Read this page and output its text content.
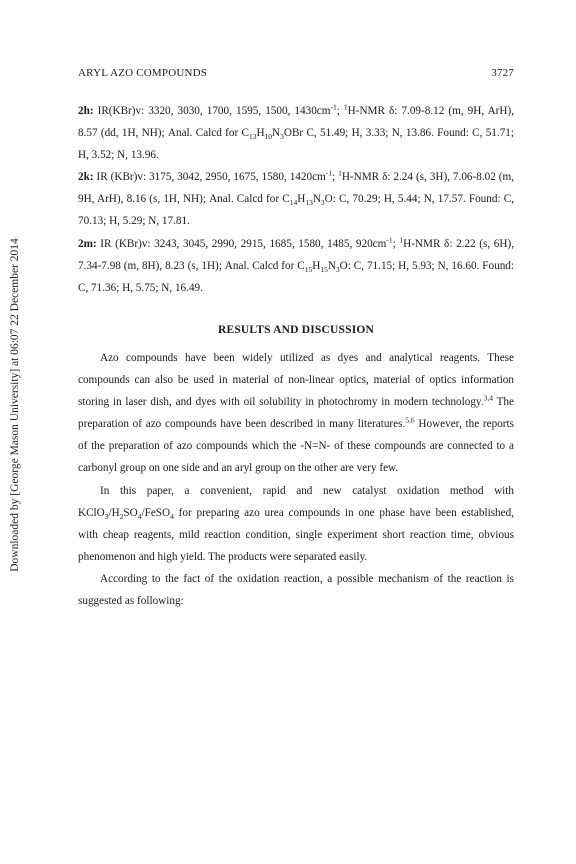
Downloaded by [George Mason University] at 06:07 22 December 2014
ARYL AZO COMPOUNDS	3727

2h: IR(KBr)v: 3320, 3030, 1700, 1595, 1500, $1430cm^{-1}$; $^1$H-NMR δ: 7.09-8.12 (m, 9H, ArH), 8.57 (dd, 1H, NH); Anal. Calcd for $C_{13}H_{10}N_3OBr$ C, 51.49; H, 3.33; N, 13.86. Found: C, 51.71; H, 3.52; N, 13.96.

2k: IR (KBr)v: 3175, 3042, 2950, 1675, 1580, $1420cm^{-1}$; $^1$H-NMR δ: 2.24 (s, 3H), 7.06-8.02 (m, 9H, ArH), 8.16 (s, 1H, NH); Anal. Calcd for $C_{14}H_{13}N_3O$: C, 70.29; H, 5.44; N, 17.57. Found: C, 70.13; H, 5.29; N, 17.81.

2m: IR (KBr)v: 3243, 3045, 2990, 2915, 1685, 1580, 1485, $920cm^{-1}$; $^1$H-NMR δ: 2.22 (s, 6H), 7.34-7.98 (m, 8H), 8.23 (s, 1H); Anal. Calcd for $C_{15}H_{15}N_3O$: C, 71.15; H, 5.93; N, 16.60. Found: C, 71.36; H, 5.75; N, 16.49.

RESULTS AND DISCUSSION

Azo compounds have been widely utilized as dyes and analytical reagents. These compounds can also be used in material of non-linear optics, material of optics information storing in laser dish, and dyes with oil solubility in photochromy in modern technology.$^{3,4}$ The preparation of azo compounds have been described in many literatures.$^{5,6}$ However, the reports of the preparation of azo compounds which the -N=N- of these compounds are connected to a carbonyl group on one side and an aryl group on the other are very few.

In this paper, a convenient, rapid and new catalyst oxidation method with $KClO_3/H_2SO_4/FeSO_4$ for preparing azo urea compounds in one phase have been established, with cheap reagents, mild reaction condition, single experiment short reaction time, obvious phenomenon and high yield. The products were separated easily.

According to the fact of the oxidation reaction, a possible mechanism of the reaction is suggested as following:
